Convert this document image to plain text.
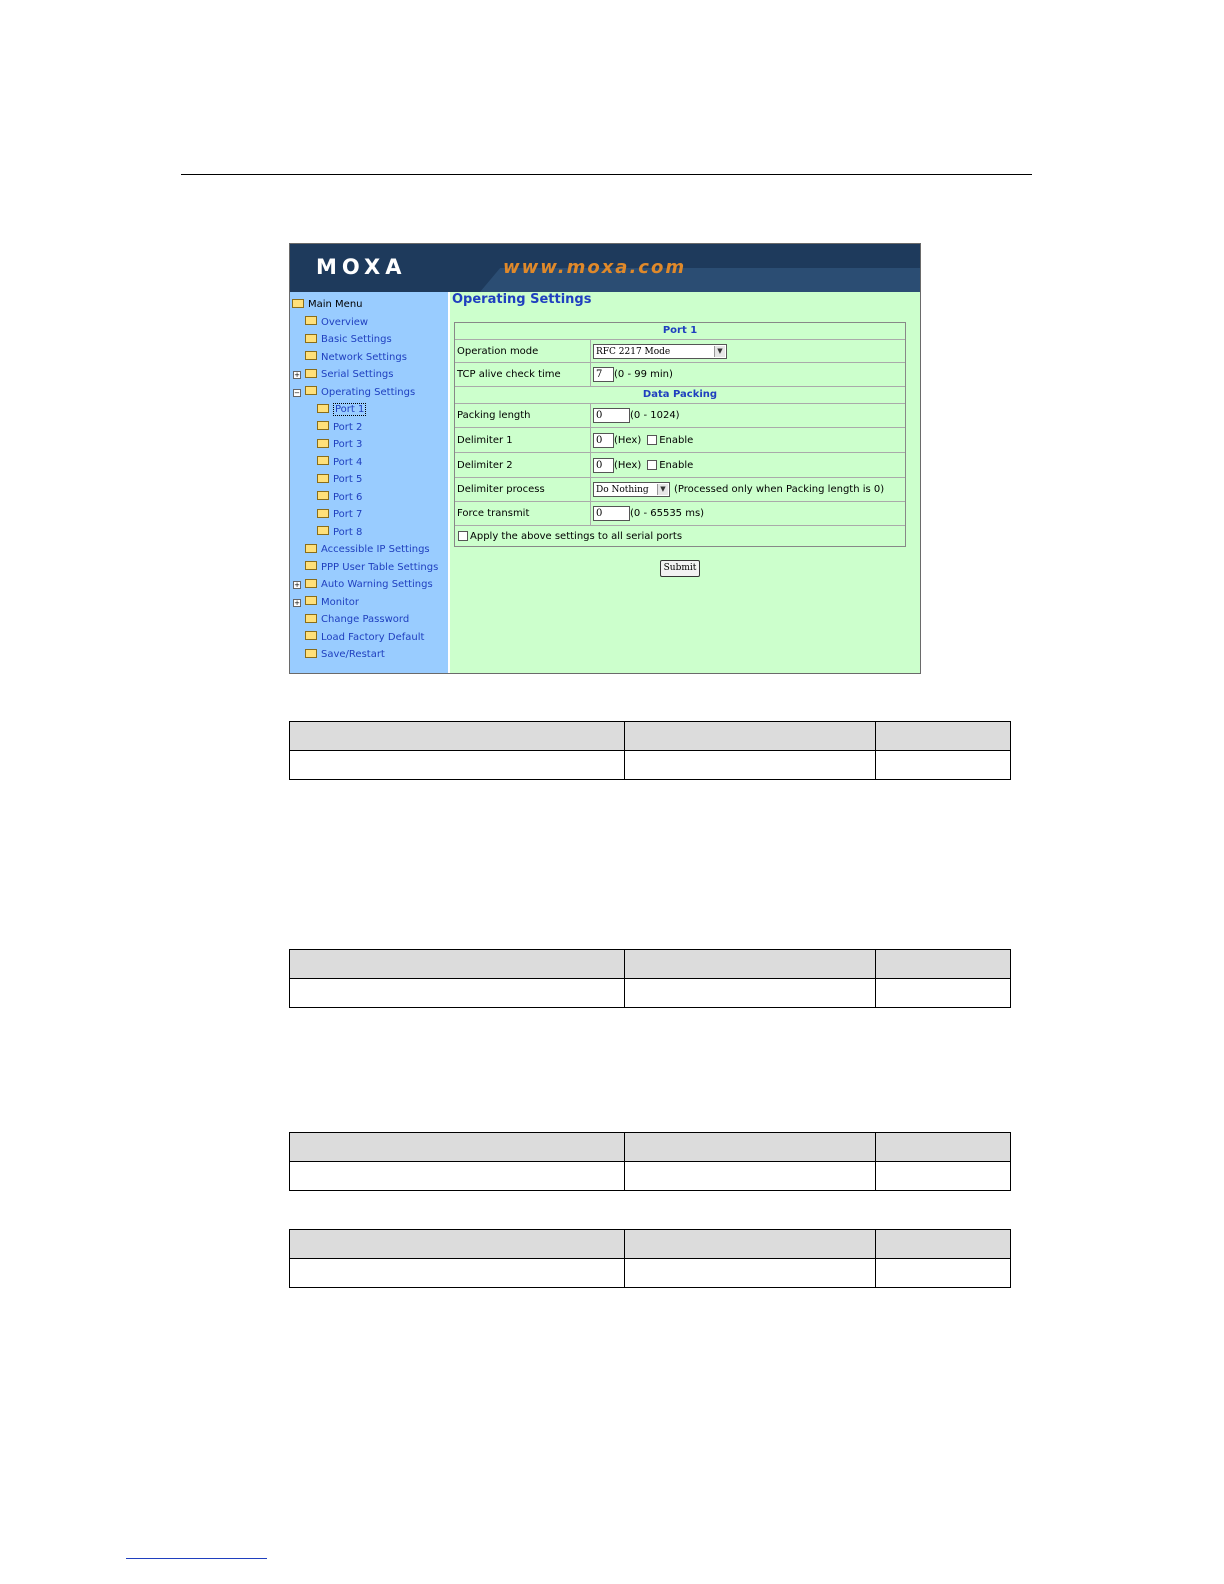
MOXA	www.moxa.com
Main Menu
Overview
Basic Settings
Network Settings
+ Serial Settings
− Operating Settings
Port 1
Port 2
Port 3
Port 4
Port 5
Port 6
Port 7
Port 8
Accessible IP Settings
PPP User Table Settings
+ Auto Warning Settings
+ Monitor
Change Password
Load Factory Default
Save/Restart
Operating Settings
Port 1
Operation mode	RFC 2217 Mode	▼
TCP alive check time	7	(0 - 99 min)
Data Packing
Packing length	0	(0 - 1024)
Delimiter 1	0	(Hex) Enable
Delimiter 2	0	(Hex) Enable
Delimiter process	Do Nothing	▼ (Processed only when Packing length is 0)
Force transmit	0	(0 - 65535 ms)
Apply the above settings to all serial ports
Submit
